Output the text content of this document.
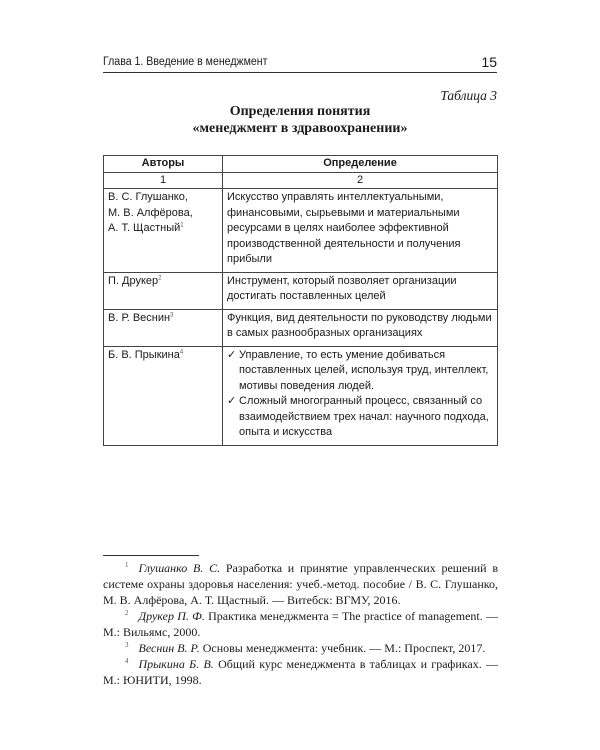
Глава 1. Введение в менеджмент	15
Таблица 3
Определения понятия
«менеджмент в здравоохранении»
Авторы	Определение
1	2

В. С. Глушанко,
М. В. Алфёрова,
А. Т. Щастный$^1$	Искусство управлять интеллектуальными, финансовыми, сырьевыми и материальными ресурсами в целях наиболее эффективной производственной деятельности и получения прибыли
П. Друкер$^2$	Инструмент, который позволяет организации достигать поставленных целей
В. Р. Веснин$^3$	Функция, вид деятельности по руководству людьми в самых разнообразных организациях
Б. В. Прыкина$^4$	✓ Управление, то есть умение добиваться поставленных целей, используя труд, интеллект, мотивы поведения людей.
✓ Сложный многогранный процесс, связанный со взаимодействием трех начал: научного подхода, опыта и искусства

$^1$ Глушанко В. С. Разработка и принятие управленческих решений в системе охраны здоровья населения: учеб.-метод. пособие / В. С. Глушанко, М. В. Алфёрова, А. Т. Щастный. — Витебск: ВГМУ, 2016.

$^2$ Друкер П. Ф. Практика менеджмента = The practice of management. — М.: Вильямс, 2000.

$^3$ Веснин В. Р. Основы менеджмента: учебник. — М.: Проспект, 2017.

$^4$ Прыкина Б. В. Общий курс менеджмента в таблицах и графиках. — М.: ЮНИТИ, 1998.
